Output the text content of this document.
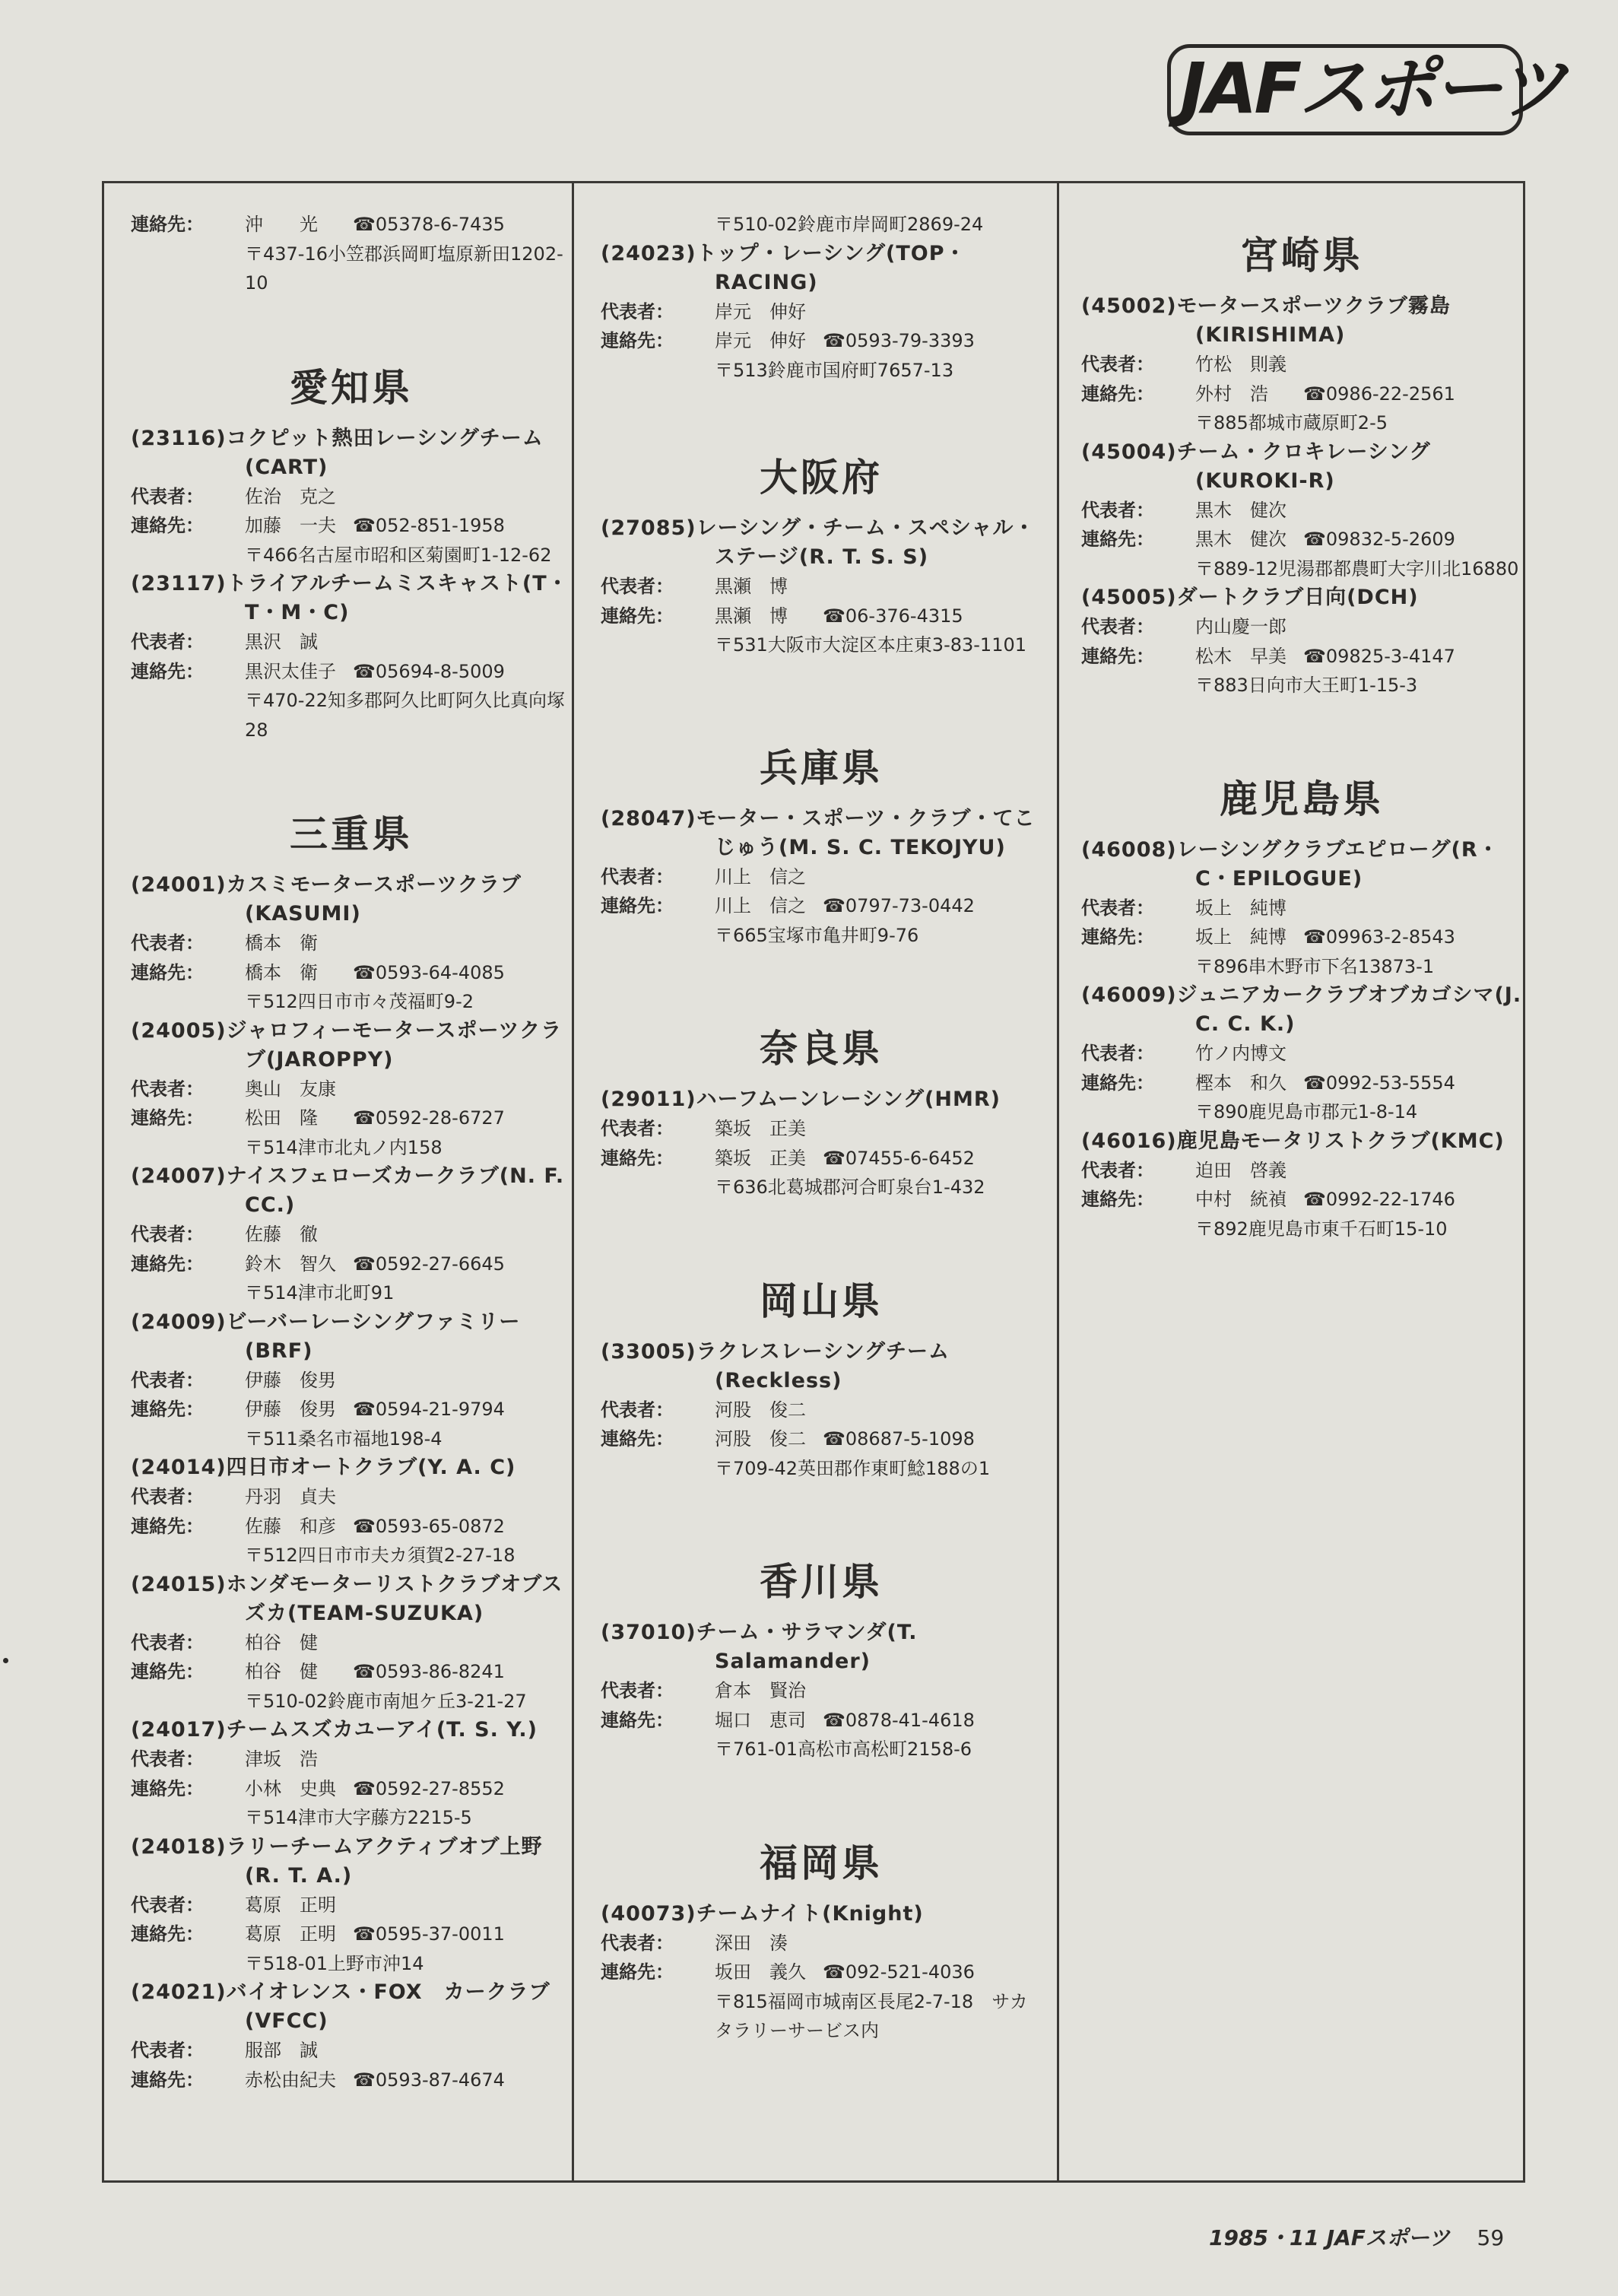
JAFスポーツ
連絡先： 沖　　光 ☎05378-6-7435
〒437-16小笠郡浜岡町塩原新田1202-
10
愛知県
(23116)コクピット熱田レーシングチーム(CART)
代表者： 佐治　克之
連絡先： 加藤　一夫 ☎052-851-1958
〒466名古屋市昭和区菊園町1-12-62
(23117)トライアルチームミスキャスト(T・T・M・C)
代表者： 黒沢　誠
連絡先： 黒沢太佳子 ☎05694-8-5009
〒470-22知多郡阿久比町阿久比真向塚
28
三重県
(24001)カスミモータースポーツクラブ(KASUMI)
代表者： 橋本　衛
連絡先： 橋本　衛 ☎0593-64-4085
〒512四日市市々茂福町9-2
(24005)ジャロフィーモータースポーツクラブ(JAROPPY)
代表者： 奥山　友康
連絡先： 松田　隆 ☎0592-28-6727
〒514津市北丸ノ内158
(24007)ナイスフェローズカークラブ(N. F. CC.)
代表者： 佐藤　徹
連絡先： 鈴木　智久 ☎0592-27-6645
〒514津市北町91
(24009)ビーバーレーシングファミリー(BRF)
代表者： 伊藤　俊男
連絡先： 伊藤　俊男 ☎0594-21-9794
〒511桑名市福地198-4
(24014)四日市オートクラブ(Y. A. C)
代表者： 丹羽　貞夫
連絡先： 佐藤　和彦 ☎0593-65-0872
〒512四日市市夫カ須賀2-27-18
(24015)ホンダモーターリストクラブオブスズカ(TEAM-SUZUKA)
代表者： 柏谷　健
連絡先： 柏谷　健 ☎0593-86-8241
〒510-02鈴鹿市南旭ケ丘3-21-27
(24017)チームスズカユーアイ(T. S. Y.)
代表者： 津坂　浩
連絡先： 小林　史典 ☎0592-27-8552
〒514津市大字藤方2215-5
(24018)ラリーチームアクティブオブ上野(R. T. A.)
代表者： 葛原　正明
連絡先： 葛原　正明 ☎0595-37-0011
〒518-01上野市沖14
(24021)バイオレンス・FOX　カークラブ(VFCC)
代表者： 服部　誠
連絡先： 赤松由紀夫 ☎0593-87-4674
〒510-02鈴鹿市岸岡町2869-24
(24023)トップ・レーシング(TOP・RACING)
代表者： 岸元　伸好
連絡先： 岸元　伸好 ☎0593-79-3393
〒513鈴鹿市国府町7657-13
大阪府
(27085)レーシング・チーム・スペシャル・ステージ(R. T. S. S)
代表者： 黒瀬　博
連絡先： 黒瀬　博 ☎06-376-4315
〒531大阪市大淀区本庄東3-83-1101
兵庫県
(28047)モーター・スポーツ・クラブ・てこじゅう(M. S. C. TEKOJYU)
代表者： 川上　信之
連絡先： 川上　信之 ☎0797-73-0442
〒665宝塚市亀井町9-76
奈良県
(29011)ハーフムーンレーシング(HMR)
代表者： 築坂　正美
連絡先： 築坂　正美 ☎07455-6-6452
〒636北葛城郡河合町泉台1-432
岡山県
(33005)ラクレスレーシングチーム(Reckless)
代表者： 河股　俊二
連絡先： 河股　俊二 ☎08687-5-1098
〒709-42英田郡作東町鯰188の1
香川県
(37010)チーム・サラマンダ(T. Salamander)
代表者： 倉本　賢治
連絡先： 堀口　恵司 ☎0878-41-4618
〒761-01高松市高松町2158-6
福岡県
(40073)チームナイト(Knight)
代表者： 深田　湊
連絡先： 坂田　義久 ☎092-521-4036
〒815福岡市城南区長尾2-7-18　サカ
タラリーサービス内
宮崎県
(45002)モータースポーツクラブ霧島(KIRISHIMA)
代表者： 竹松　則義
連絡先： 外村　浩 ☎0986-22-2561
〒885都城市蔵原町2-5
(45004)チーム・クロキレーシング(KUROKI-R)
代表者： 黒木　健次
連絡先： 黒木　健次 ☎09832-5-2609
〒889-12児湯郡都農町大字川北16880
(45005)ダートクラブ日向(DCH)
代表者： 内山慶一郎
連絡先： 松木　早美 ☎09825-3-4147
〒883日向市大王町1-15-3
鹿児島県
(46008)レーシングクラブエピローグ(R・C・EPILOGUE)
代表者： 坂上　純博
連絡先： 坂上　純博 ☎09963-2-8543
〒896串木野市下名13873-1
(46009)ジュニアカークラブオブカゴシマ(J. C. C. K.)
代表者： 竹ノ内博文
連絡先： 樫本　和久 ☎0992-53-5554
〒890鹿児島市郡元1-8-14
(46016)鹿児島モータリストクラブ(KMC)
代表者： 迫田　啓義
連絡先： 中村　統禎 ☎0992-22-1746
〒892鹿児島市東千石町15-10
1985・11 JAFスポーツ 59
